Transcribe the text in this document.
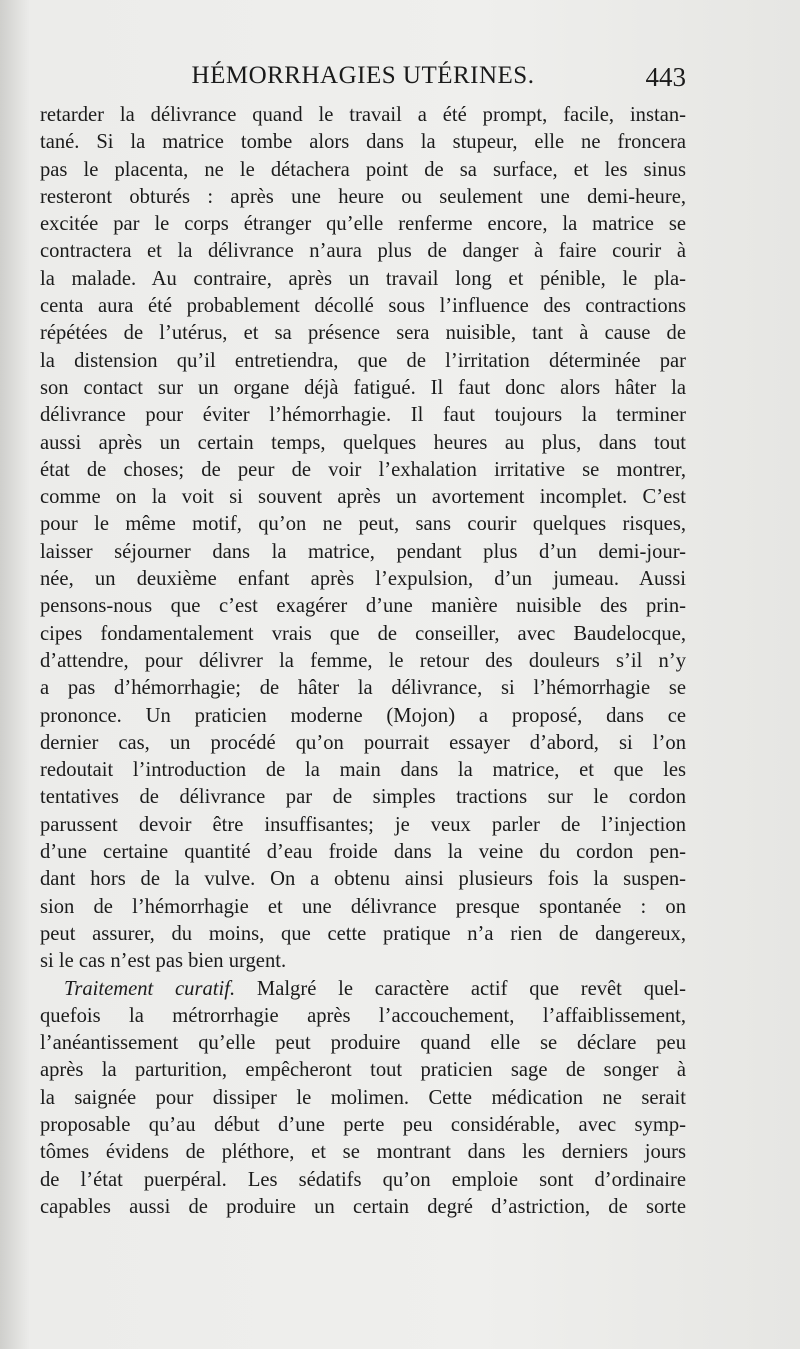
HÉMORRHAGIES UTÉRINES.	443
retarder la délivrance quand le travail a été prompt, facile, instan-
tané. Si la matrice tombe alors dans la stupeur, elle ne froncera
pas le placenta, ne le détachera point de sa surface, et les sinus
resteront obturés : après une heure ou seulement une demi-heure,
excitée par le corps étranger qu’elle renferme encore, la matrice se
contractera et la délivrance n’aura plus de danger à faire courir à
la malade. Au contraire, après un travail long et pénible, le pla-
centa aura été probablement décollé sous l’influence des contractions
répétées de l’utérus, et sa présence sera nuisible, tant à cause de
la distension qu’il entretiendra, que de l’irritation déterminée par
son contact sur un organe déjà fatigué. Il faut donc alors hâter la
délivrance pour éviter l’hémorrhagie. Il faut toujours la terminer
aussi après un certain temps, quelques heures au plus, dans tout
état de choses; de peur de voir l’exhalation irritative se montrer,
comme on la voit si souvent après un avortement incomplet. C’est
pour le même motif, qu’on ne peut, sans courir quelques risques,
laisser séjourner dans la matrice, pendant plus d’un demi-jour-
née, un deuxième enfant après l’expulsion, d’un jumeau. Aussi
pensons-nous que c’est exagérer d’une manière nuisible des prin-
cipes fondamentalement vrais que de conseiller, avec Baudelocque,
d’attendre, pour délivrer la femme, le retour des douleurs s’il n’y
a pas d’hémorrhagie; de hâter la délivrance, si l’hémorrhagie se
prononce. Un praticien moderne (Mojon) a proposé, dans ce
dernier cas, un procédé qu’on pourrait essayer d’abord, si l’on
redoutait l’introduction de la main dans la matrice, et que les
tentatives de délivrance par de simples tractions sur le cordon
parussent devoir être insuffisantes; je veux parler de l’injection
d’une certaine quantité d’eau froide dans la veine du cordon pen-
dant hors de la vulve. On a obtenu ainsi plusieurs fois la suspen-
sion de l’hémorrhagie et une délivrance presque spontanée : on
peut assurer, du moins, que cette pratique n’a rien de dangereux,
si le cas n’est pas bien urgent.
Traitement curatif. Malgré le caractère actif que revêt quel-
quefois la métrorrhagie après l’accouchement, l’affaiblissement,
l’anéantissement qu’elle peut produire quand elle se déclare peu
après la parturition, empêcheront tout praticien sage de songer à
la saignée pour dissiper le molimen. Cette médication ne serait
proposable qu’au début d’une perte peu considérable, avec symp-
tômes évidens de pléthore, et se montrant dans les derniers jours
de l’état puerpéral. Les sédatifs qu’on emploie sont d’ordinaire
capables aussi de produire un certain degré d’astriction, de sorte
